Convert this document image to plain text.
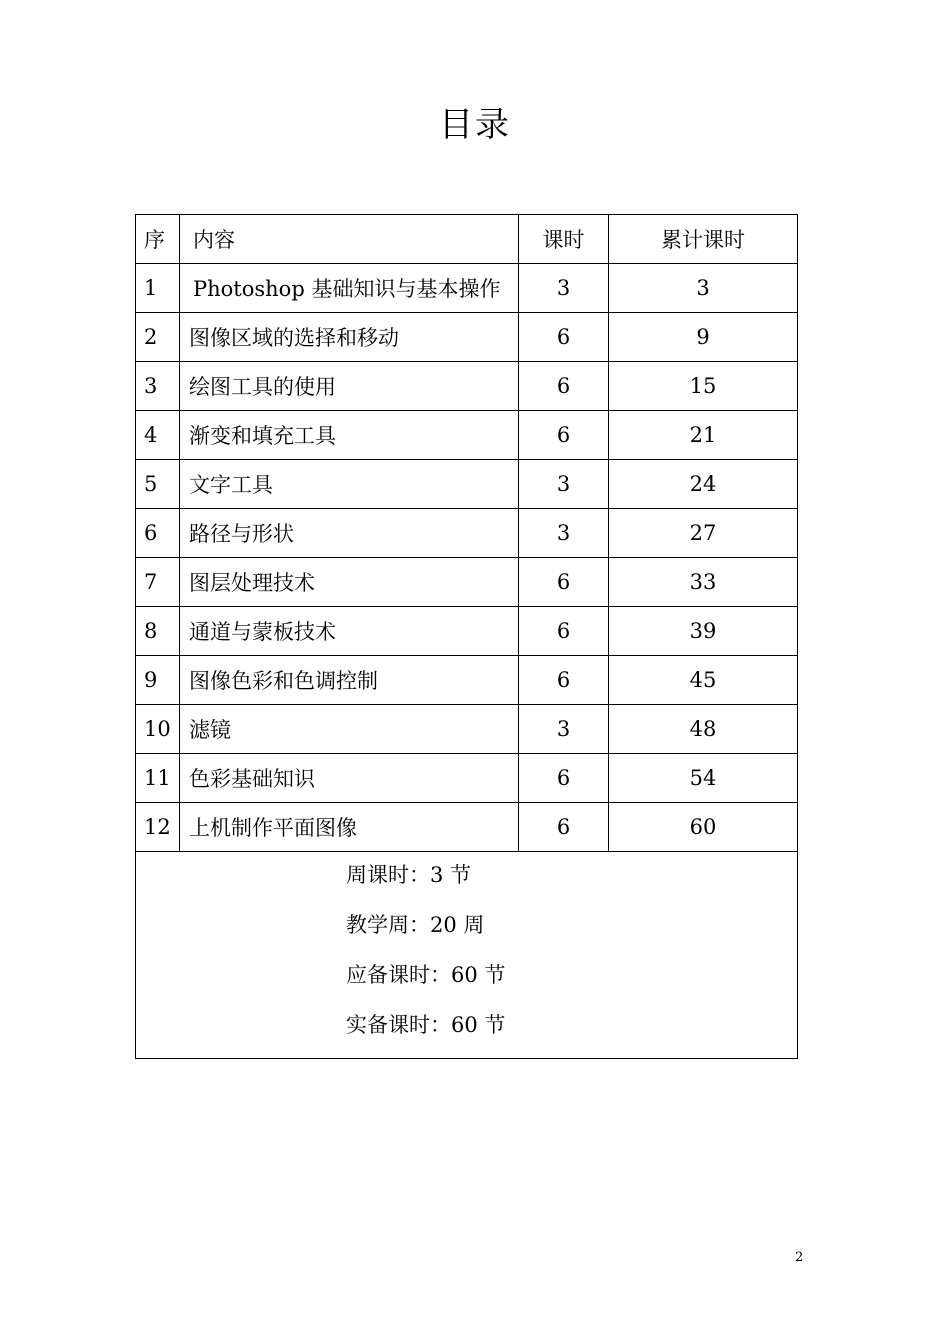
目录
序	内容	课时	累计课时
1	Photoshop 基础知识与基本操作	3	3
2	图像区域的选择和移动	6	9
3	绘图工具的使用	6	15
4	渐变和填充工具	6	21
5	文字工具	3	24
6	路径与形状	3	27
7	图层处理技术	6	33
8	通道与蒙板技术	6	39
9	图像色彩和色调控制	6	45
10	滤镜	3	48
11	色彩基础知识	6	54
12	上机制作平面图像	6	60

周课时：3 节
教学周：20 周
应备课时：60 节
实备课时：60 节			
2
